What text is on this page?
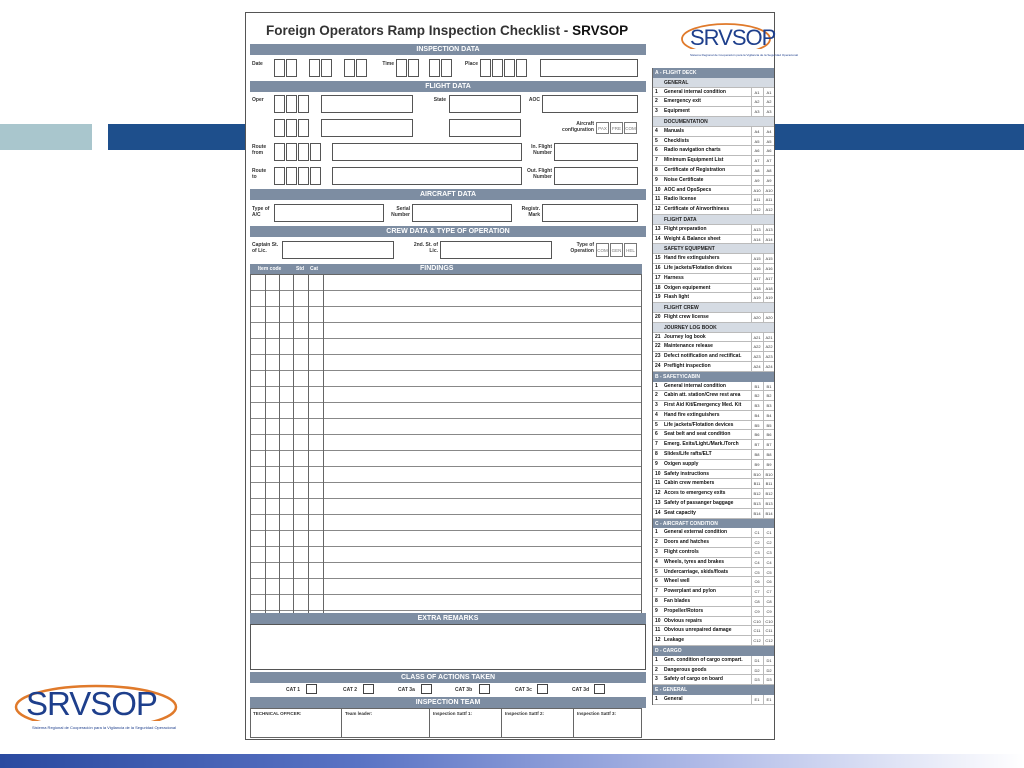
SRVSOP
Sistema Regional de Cooperación para la Vigilancia de la Seguridad Operacional
Foreign Operators Ramp Inspection Checklist - SRVSOP	SRVSOP
Sistema Regional de Cooperación para la Vigilancia de la Seguridad Operacional
INSPECTION DATA
Date	Time	Place
FLIGHT DATA
Oper	State	AOC
Aircraft configuration PAX	FRE COM
Route from
In. Flight Number
Route to
Out. Flight Number
AIRCRAFT DATA
Type of A/C
Serial Number
Registr. Mark
CREW DATA & TYPE OF OPERATION
Captain St. of Lic.
2nd. St. of Lic.
Type of Operation COM GEN	HEL
Item code	Std Cat	FINDINGS
EXTRA REMARKS
CLASS OF ACTIONS TAKEN
CAT 1	CAT 2	CAT 3a	CAT 3b	CAT 3c	CAT 3d
INSPECTION TEAM
TECHNICAL OFFICER:	Team leader:	Inspection Sattf 1:	Inspection Sattf 2:	Inspection Sattf 3:
A - FLIGHT DECK
GENERAL
1	General internal condition	A1	A1
2	Emergency exit	A2	A2
3	Equipment	A3	A3
DOCUMENTATION
4	Manuals	A4	A4
5	Checklists	A5	A5
6	Radio navigation charts	A6	A6
7	Minimum Equipment List	A7	A7
8	Certificate of Registration	A8	A8
9	Noise Certificate	A9	A9
10 AOC and OpsSpecs	A10	A10
11 Radio license	A11	A11
12 Certificate of Airworthiness	A12	A12
FLIGHT DATA
13 Flight preparation	A13	A13
14 Weight & Balance sheet	A14	A14
SAFETY EQUIPMENT
15 Hand fire extinguishers	A15	A15
16 Life jackets/Flotation divices	A16	A16
17 Harness	A17	A17
18 Oxigen equipement	A18	A18
19 Flash light	A19	A19
FLIGHT CREW
20 Flight crew license	A20	A20
JOURNEY LOG BOOK
21 Journey log book	A21	A21
22 Maintenance release	A22	A22
23 Defect notification and rectificat.	A23	A23
24 Preflight inspection	A24	A24
B - SAFETY/CABIN
1	General internal condition	B1	B1
2	Cabin att. station/Crew rest area	B2	B2
3	First Aid Kit/Emergency Med. Kit	B3	B3
4	Hand fire extinguishers	B4	B4
5	Life jackets/Flotation devices	B5	B5
6	Seat belt and seat condition	B6	B6
7	Emerg. Exits/Light./Mark./Torch	B7	B7
8	Slides/Life rafts/ELT	B8	B8
9	Oxigen supply	B9	B9
10 Safety instructions	B10	B10
11 Cabin crew members	B11	B11
12 Acces to emergency exits	B12	B12
13 Safety of passanger baggage	B13	B13
14 Seat capacity	B14	B14
C - AIRCRAFT CONDITION
1	General external condition	C1	C1
2	Doors and hatches	C2	C2
3	Flight controls	C3	C3
4	Wheels, tyres and brakes	C4	C4
5	Undercarriage, skids/floats	C5	C5
6	Wheel well	C6	C6
7	Powerplant and pylon	C7	C7
8	Fan blades	C8	C8
9	Propeller/Rotors	C9	C9
10 Obvious repairs	C10	C10
11 Obvious unrepaired damage	C11	C11
12 Leakage	C12	C12
D - CARGO
1	Gen. condition of cargo compart.	D1	D1
2	Dangerous goods	D2	D2
3	Safety of cargo on board	D3	D3
E - GENERAL
1	General	E1	E1
